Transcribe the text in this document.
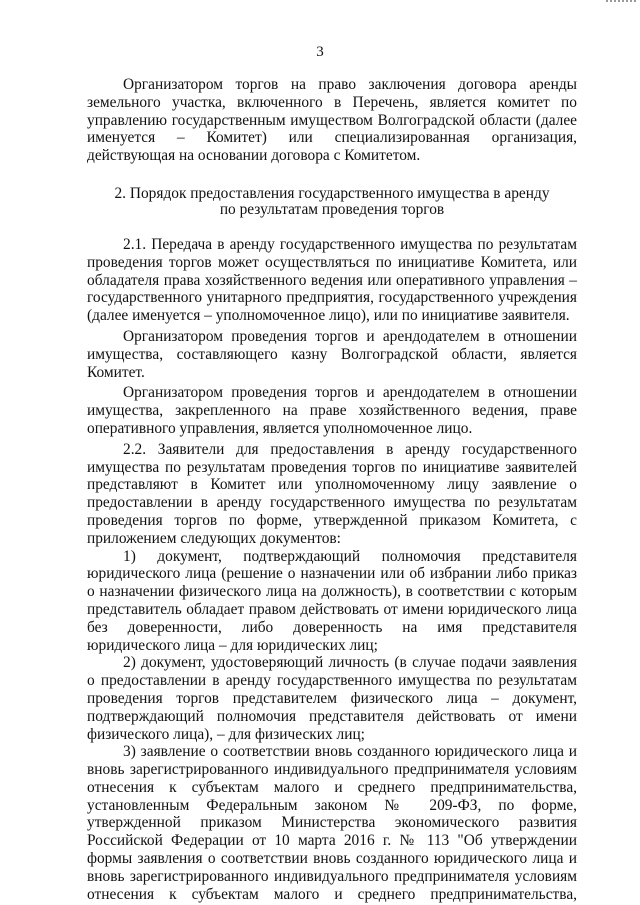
3

Организатором торгов на право заключения договора аренды земельного участка, включенного в Перечень, является комитет по управлению государственным имуществом Волгоградской области (далее именуется – Комитет) или специализированная организация, действующая на основании договора с Комитетом.

2. Порядок предоставления государственного имущества в аренду
по результатам проведения торгов

2.1. Передача в аренду государственного имущества по результатам проведения торгов может осуществляться по инициативе Комитета, или обладателя права хозяйственного ведения или оперативного управления – государственного унитарного предприятия, государственного учреждения (далее именуется – уполномоченное лицо), или по инициативе заявителя.

Организатором проведения торгов и арендодателем в отношении имущества, составляющего казну Волгоградской области, является Комитет.

Организатором проведения торгов и арендодателем в отношении имущества, закрепленного на праве хозяйственного ведения, праве оперативного управления, является уполномоченное лицо.

2.2. Заявители для предоставления в аренду государственного имущества по результатам проведения торгов по инициативе заявителей представляют в Комитет или уполномоченному лицу заявление о предоставлении в аренду государственного имущества по результатам проведения торгов по форме, утвержденной приказом Комитета, с приложением следующих документов:

1) документ, подтверждающий полномочия представителя юридического лица (решение о назначении или об избрании либо приказ о назначении физического лица на должность), в соответствии с которым представитель обладает правом действовать от имени юридического лица без доверенности, либо доверенность на имя представителя юридического лица – для юридических лиц;

2) документ, удостоверяющий личность (в случае подачи заявления о предоставлении в аренду государственного имущества по результатам проведения торгов представителем физического лица – документ, подтверждающий полномочия представителя действовать от имени физического лица), – для физических лиц;

3) заявление о соответствии вновь созданного юридического лица и вновь зарегистрированного индивидуального предпринимателя условиям отнесения к субъектам малого и среднего предпринимательства, установленным Федеральным законом № 209-ФЗ, по форме, утвержденной приказом Министерства экономического развития Российской Федерации от 10 марта 2016 г. № 113 "Об утверждении формы заявления о соответствии вновь созданного юридического лица и вновь зарегистрированного индивидуального предпринимателя условиям отнесения к субъектам малого и среднего предпринимательства,
